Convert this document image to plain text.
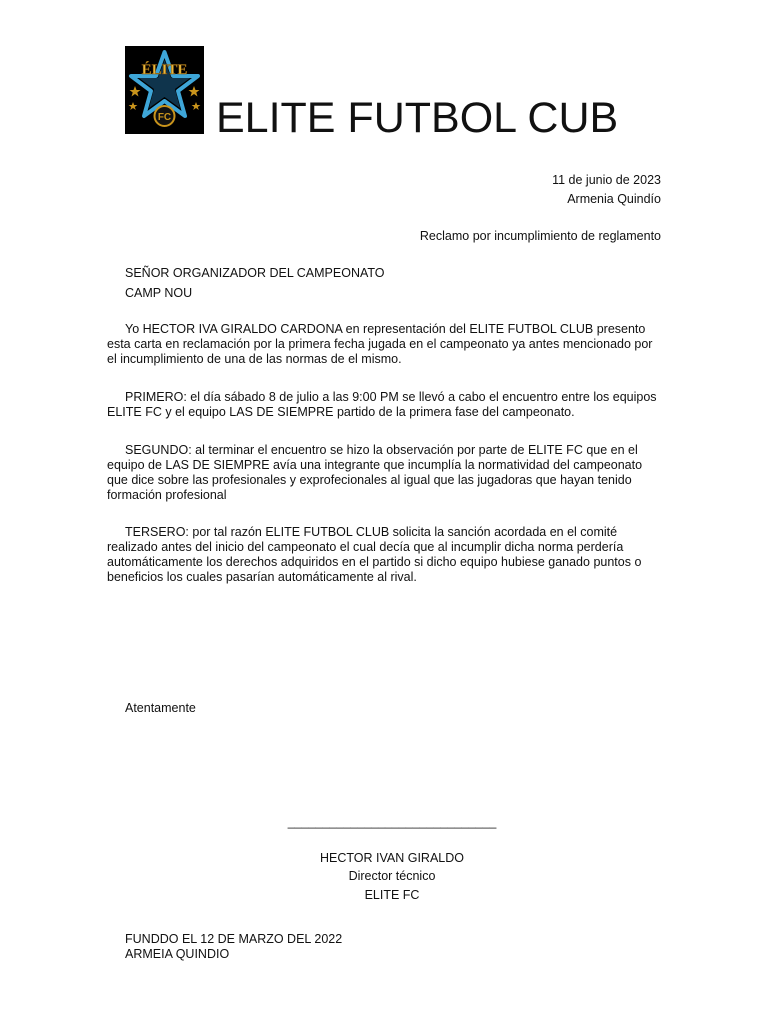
FC
ÉLITE
ELITE FUTBOL CUB
11 de junio de 2023
Armenia Quindío
Reclamo por incumplimiento de reglamento
SEÑOR ORGANIZADOR DEL CAMPEONATO
CAMP NOU
Yo HECTOR IVA GIRALDO CARDONA en representación del ELITE FUTBOL CLUB presento
esta carta en reclamación por la primera fecha jugada en el campeonato ya antes mencionado por
el incumplimiento de una de las normas de el mismo.
PRIMERO: el día sábado 8 de julio a las 9:00 PM se llevó a cabo el encuentro entre los equipos
ELITE FC y el equipo LAS DE SIEMPRE partido de la primera fase del campeonato.
SEGUNDO: al terminar el encuentro se hizo la observación por parte de ELITE FC que en el
equipo de LAS DE SIEMPRE avía una integrante que incumplía la normatividad del campeonato
que dice sobre las profesionales y exprofecionales al igual que las jugadoras que hayan tenido
formación profesional
TERSERO: por tal razón ELITE FUTBOL CLUB solicita la sanción acordada en el comité
realizado antes del inicio del campeonato el cual decía que al incumplir dicha norma perdería
automáticamente los derechos adquiridos en el partido si dicho equipo hubiese ganado puntos o
beneficios los cuales pasarían automáticamente al rival.
Atentamente
______________________________
HECTOR IVAN GIRALDO
Director técnico
ELITE FC
FUNDDO EL 12 DE MARZO DEL 2022
ARMEIA QUINDIO
